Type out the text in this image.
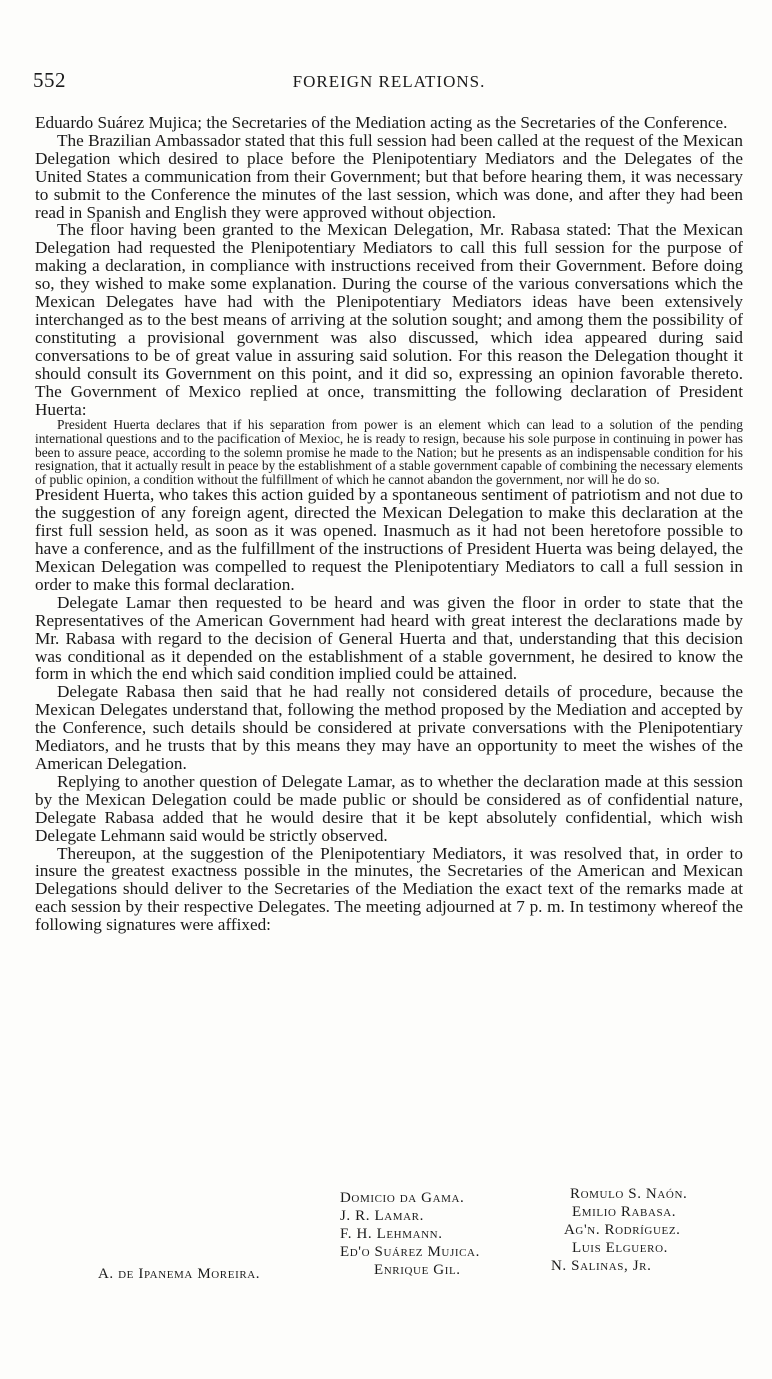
552	FOREIGN RELATIONS.

Eduardo Suárez Mujica; the Secretaries of the Mediation acting as the Secretaries of the Conference.

The Brazilian Ambassador stated that this full session had been called at the request of the Mexican Delegation which desired to place before the Plenipotentiary Mediators and the Delegates of the United States a communication from their Government; but that before hearing them, it was necessary to submit to the Conference the minutes of the last session, which was done, and after they had been read in Spanish and English they were approved without objection.

The floor having been granted to the Mexican Delegation, Mr. Rabasa stated: That the Mexican Delegation had requested the Plenipotentiary Mediators to call this full session for the purpose of making a declaration, in compliance with instructions received from their Government. Before doing so, they wished to make some explanation. During the course of the various conversations which the Mexican Delegates have had with the Plenipotentiary Mediators ideas have been extensively interchanged as to the best means of arriving at the solution sought; and among them the possibility of constituting a provisional government was also discussed, which idea appeared during said conversations to be of great value in assuring said solution. For this reason the Delegation thought it should consult its Government on this point, and it did so, expressing an opinion favorable thereto. The Government of Mexico replied at once, transmitting the following declaration of President Huerta:

President Huerta declares that if his separation from power is an element which can lead to a solution of the pending international questions and to the pacification of Mexioc, he is ready to resign, because his sole purpose in continuing in power has been to assure peace, according to the solemn promise he made to the Nation; but he presents as an indispensable condition for his resignation, that it actually result in peace by the establishment of a stable government capable of combining the necessary elements of public opinion, a condition without the fulfillment of which he cannot abandon the government, nor will he do so.

President Huerta, who takes this action guided by a spontaneous sentiment of patriotism and not due to the suggestion of any foreign agent, directed the Mexican Delegation to make this declaration at the first full session held, as soon as it was opened. Inasmuch as it had not been heretofore possible to have a conference, and as the fulfillment of the instructions of President Huerta was being delayed, the Mexican Delegation was compelled to request the Plenipotentiary Mediators to call a full session in order to make this formal declaration.

Delegate Lamar then requested to be heard and was given the floor in order to state that the Representatives of the American Government had heard with great interest the declarations made by Mr. Rabasa with regard to the decision of General Huerta and that, understanding that this decision was conditional as it depended on the establishment of a stable government, he desired to know the form in which the end which said condition implied could be attained.

Delegate Rabasa then said that he had really not considered details of procedure, because the Mexican Delegates understand that, following the method proposed by the Mediation and accepted by the Conference, such details should be considered at private conversations with the Plenipotentiary Mediators, and he trusts that by this means they may have an opportunity to meet the wishes of the American Delegation.

Replying to another question of Delegate Lamar, as to whether the declaration made at this session by the Mexican Delegation could be made public or should be considered as of confidential nature, Delegate Rabasa added that he would desire that it be kept absolutely confidential, which wish Delegate Lehmann said would be strictly observed.

Thereupon, at the suggestion of the Plenipotentiary Mediators, it was resolved that, in order to insure the greatest exactness possible in the minutes, the Secretaries of the American and Mexican Delegations should deliver to the Secretaries of the Mediation the exact text of the remarks made at each session by their respective Delegates. The meeting adjourned at 7 p. m. In testimony whereof the following signatures were affixed:

Domicio da Gama.
J. R. Lamar.
F. H. Lehmann.
Ed'o Suárez Mujica.
Enrique Gil.
Romulo S. Naón.
Emilio Rabasa.
Ag'n. Rodríguez.
Luis Elguero.
N. Salinas, Jr.
A. de Ipanema Moreira.
